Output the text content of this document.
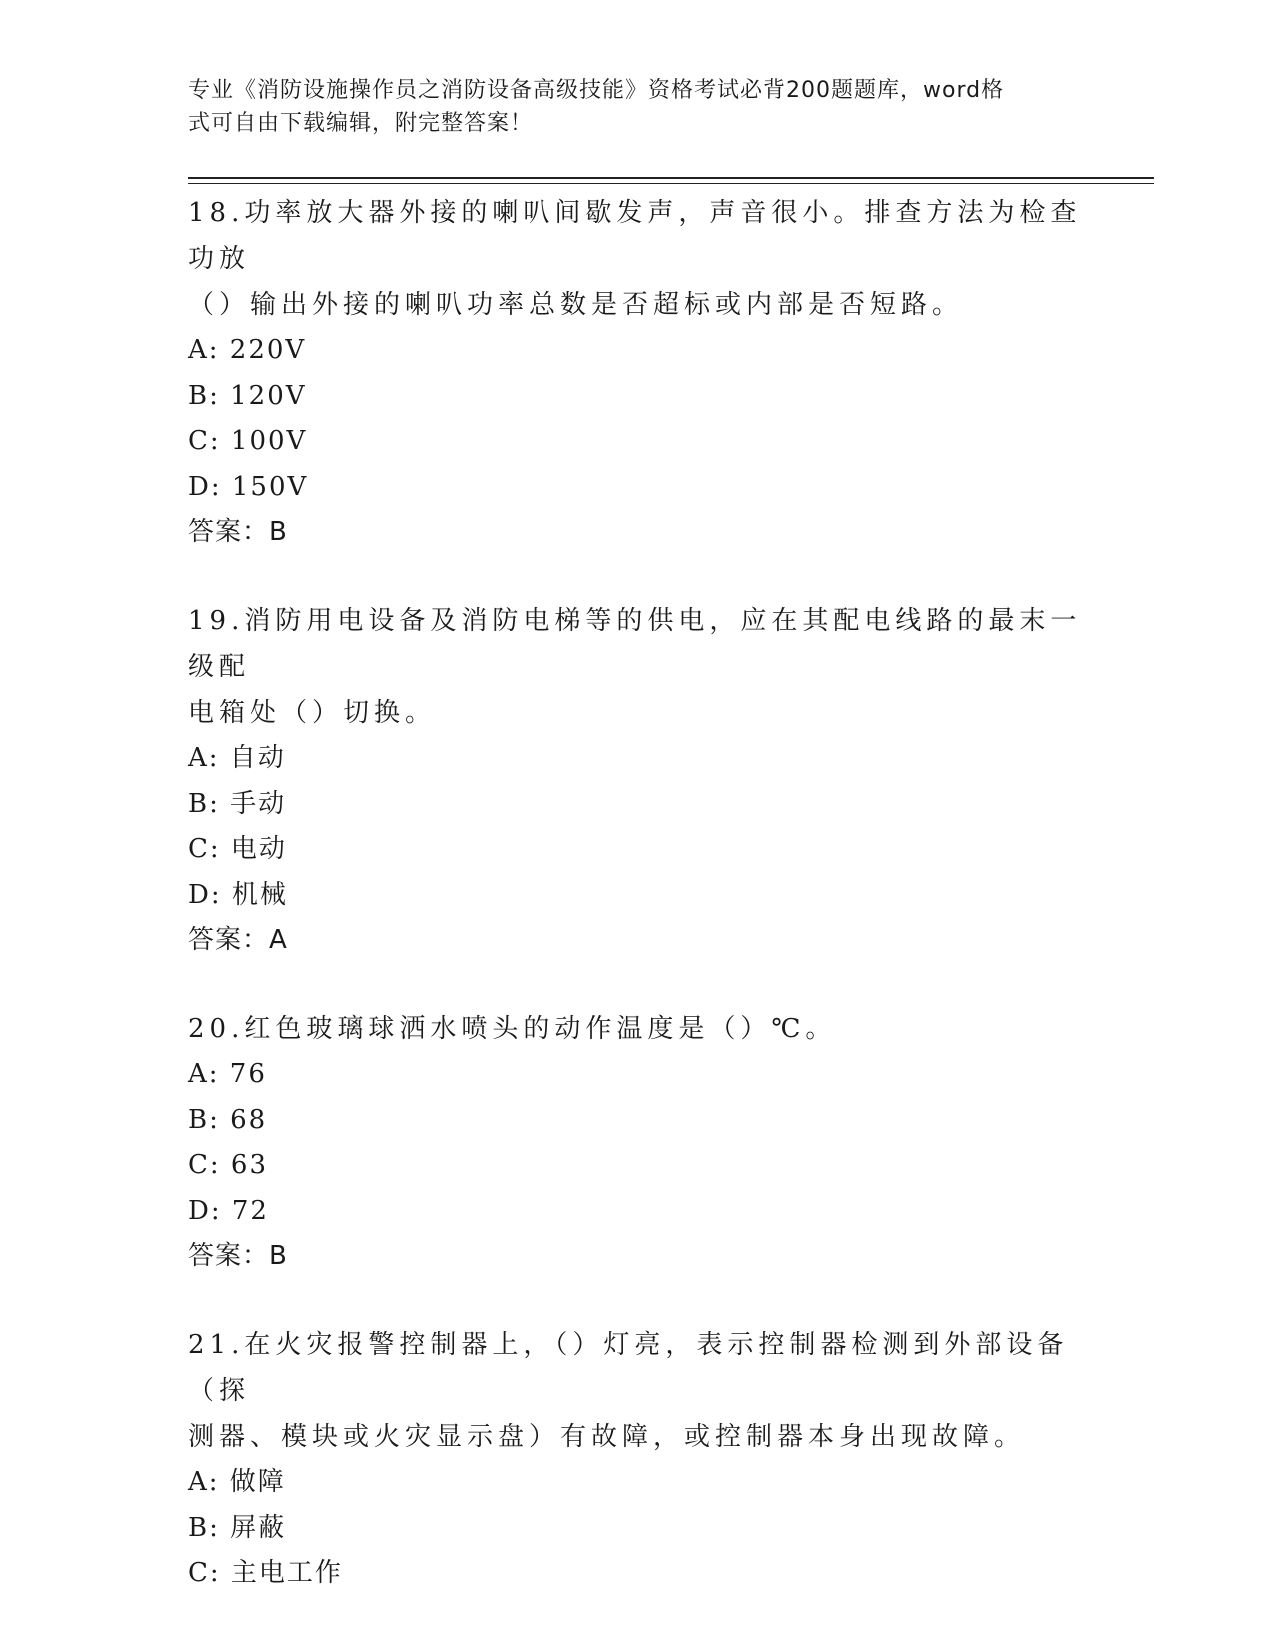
专业《消防设施操作员之消防设备高级技能》资格考试必背200题题库，word格
式可自由下载编辑，附完整答案！
18.功率放大器外接的喇叭间歇发声，声音很小。排查方法为检查功放
（）输出外接的喇叭功率总数是否超标或内部是否短路。
A: 220V
B: 120V
C: 100V
D: 150V
答案：B
19.消防用电设备及消防电梯等的供电，应在其配电线路的最末一级配
电箱处（）切换。
A: 自动
B: 手动
C: 电动
D: 机械
答案：A
20.红色玻璃球洒水喷头的动作温度是（）℃。
A: 76
B: 68
C: 63
D: 72
答案：B
21.在火灾报警控制器上，（）灯亮，表示控制器检测到外部设备（探
测器、模块或火灾显示盘）有故障，或控制器本身出现故障。
A: 做障
B: 屏蔽
C: 主电工作
